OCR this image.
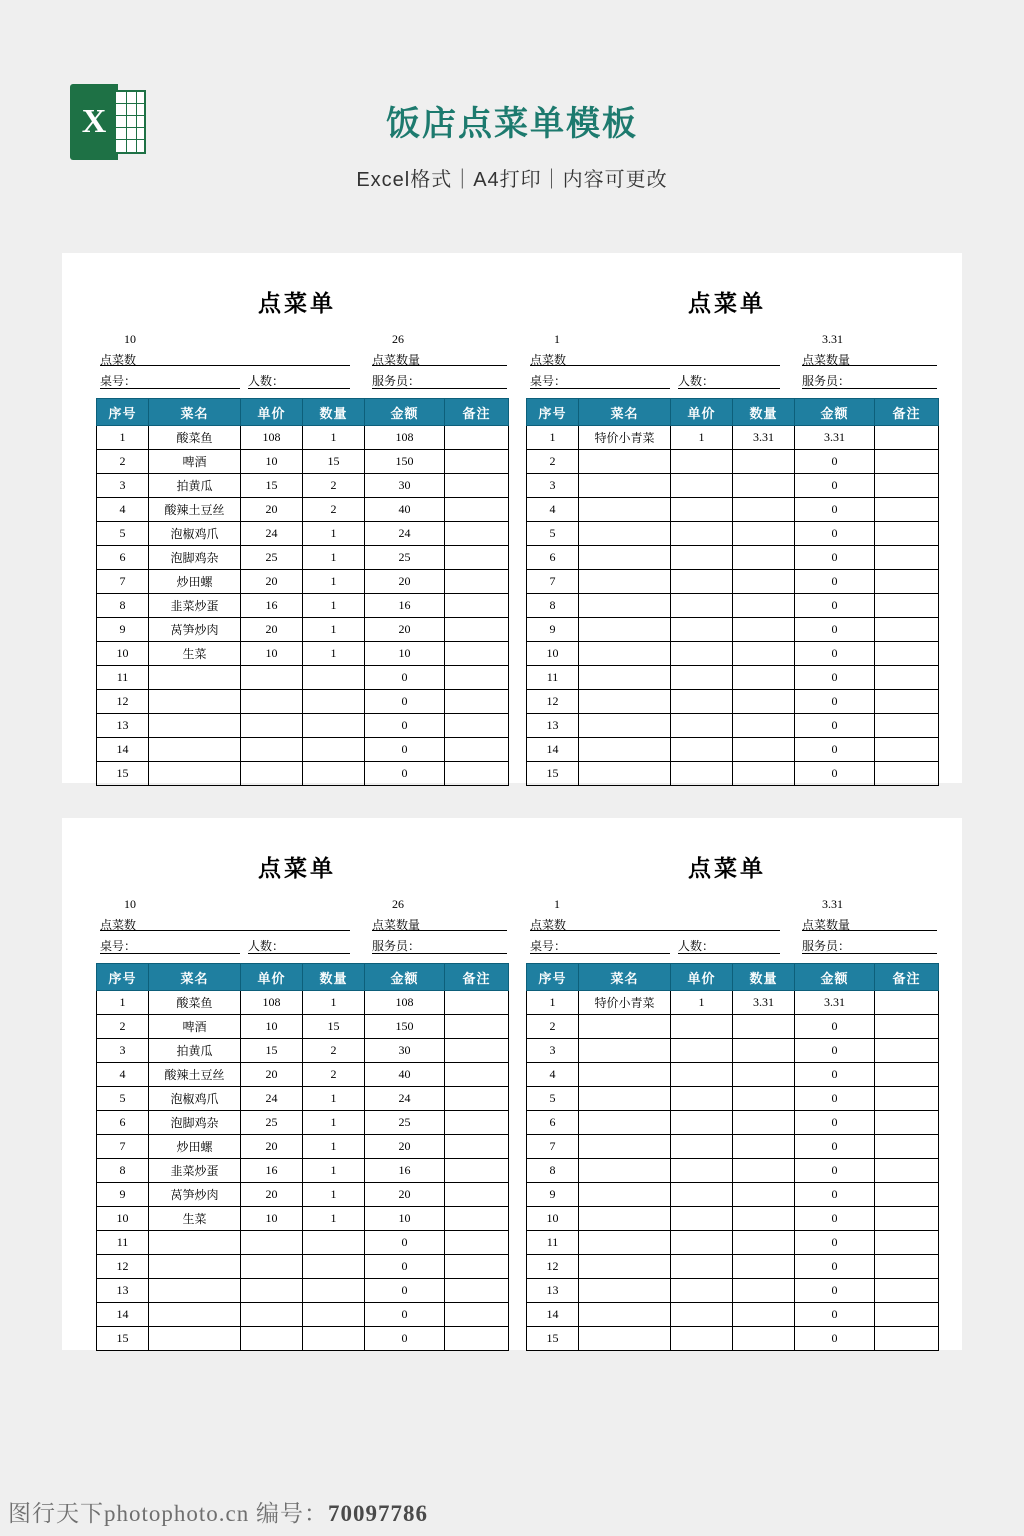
X	饭店点菜单模板
Excel格式｜A4打印｜内容可更改
点菜单
10
点菜数
桌号：	人数：
26
点菜数量
服务员：
序号	菜名	单价	数量	金额	备注
1	酸菜鱼	108	1	108	
2	啤酒	10	15	150	
3	拍黄瓜	15	2	30	
4	酸辣土豆丝	20	2	40	
5	泡椒鸡爪	24	1	24	
6	泡脚鸡杂	25	1	25	
7	炒田螺	20	1	20	
8	韭菜炒蛋	16	1	16	
9	莴笋炒肉	20	1	20	
10	生菜	10	1	10	
11				0	
12				0	
13				0	
14				0	
15				0	
点菜单
1
点菜数
桌号：	人数：
3.31
点菜数量
服务员：
序号	菜名	单价	数量	金额	备注
1	特价小青菜	1	3.31	3.31	
2				0	
3				0	
4				0	
5				0	
6				0	
7				0	
8				0	
9				0	
10				0	
11				0	
12				0	
13				0	
14				0	
15				0	
点菜单
10
点菜数
桌号：	人数：
26
点菜数量
服务员：
序号	菜名	单价	数量	金额	备注
1	酸菜鱼	108	1	108	
2	啤酒	10	15	150	
3	拍黄瓜	15	2	30	
4	酸辣土豆丝	20	2	40	
5	泡椒鸡爪	24	1	24	
6	泡脚鸡杂	25	1	25	
7	炒田螺	20	1	20	
8	韭菜炒蛋	16	1	16	
9	莴笋炒肉	20	1	20	
10	生菜	10	1	10	
11				0	
12				0	
13				0	
14				0	
15				0	
点菜单
1
点菜数
桌号：	人数：
3.31
点菜数量
服务员：
序号	菜名	单价	数量	金额	备注
1	特价小青菜	1	3.31	3.31	
2				0	
3				0	
4				0	
5				0	
6				0	
7				0	
8				0	
9				0	
10				0	
11				0	
12				0	
13				0	
14				0	
15				0	
图行天下photophoto.cn 编号：70097786
